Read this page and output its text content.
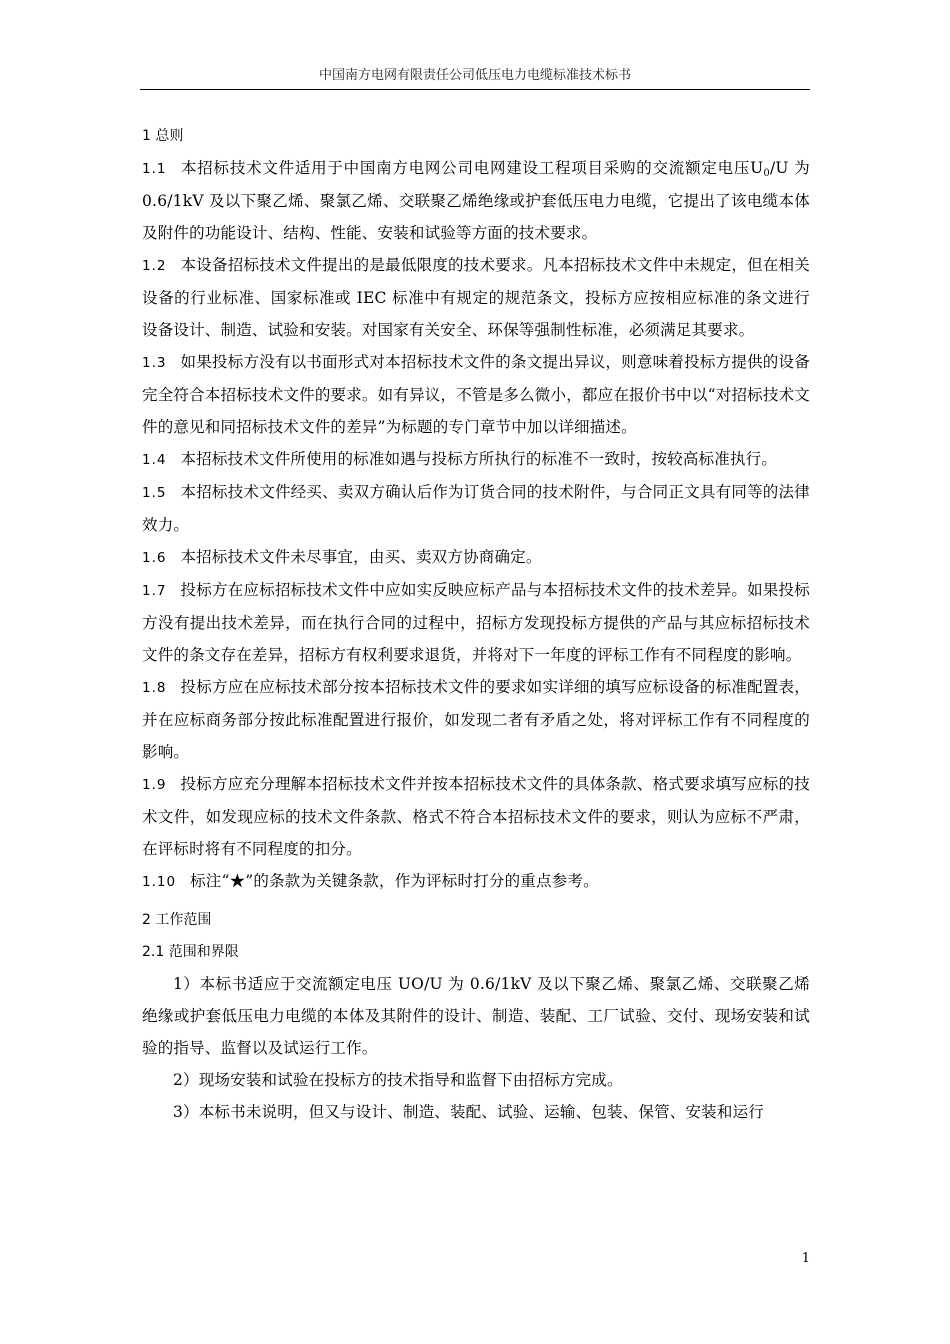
中国南方电网有限责任公司低压电力电缆标准技术标书

1 总则

1.1 本招标技术文件适用于中国南方电网公司电网建设工程项目采购的交流额定电压$U_0/U$ 为 0.6/1kV 及以下聚乙烯、聚氯乙烯、交联聚乙烯绝缘或护套低压电力电缆，它提出了该电缆本体及附件的功能设计、结构、性能、安装和试验等方面的技术要求。

1.2 本设备招标技术文件提出的是最低限度的技术要求。凡本招标技术文件中未规定，但在相关设备的行业标准、国家标准或 IEC 标准中有规定的规范条文，投标方应按相应标准的条文进行设备设计、制造、试验和安装。对国家有关安全、环保等强制性标准，必须满足其要求。

1.3 如果投标方没有以书面形式对本招标技术文件的条文提出异议，则意味着投标方提供的设备完全符合本招标技术文件的要求。如有异议，不管是多么微小，都应在报价书中以“对招标技术文件的意见和同招标技术文件的差异”为标题的专门章节中加以详细描述。

1.4 本招标技术文件所使用的标准如遇与投标方所执行的标准不一致时，按较高标准执行。

1.5 本招标技术文件经买、卖双方确认后作为订货合同的技术附件，与合同正文具有同等的法律效力。

1.6 本招标技术文件未尽事宜，由买、卖双方协商确定。

1.7 投标方在应标招标技术文件中应如实反映应标产品与本招标技术文件的技术差异。如果投标方没有提出技术差异，而在执行合同的过程中，招标方发现投标方提供的产品与其应标招标技术文件的条文存在差异，招标方有权利要求退货，并将对下一年度的评标工作有不同程度的影响。

1.8 投标方应在应标技术部分按本招标技术文件的要求如实详细的填写应标设备的标准配置表，并在应标商务部分按此标准配置进行报价，如发现二者有矛盾之处，将对评标工作有不同程度的影响。

1.9 投标方应充分理解本招标技术文件并按本招标技术文件的具体条款、格式要求填写应标的技术文件，如发现应标的技术文件条款、格式不符合本招标技术文件的要求，则认为应标不严肃，在评标时将有不同程度的扣分。

1.10 标注“★”的条款为关键条款，作为评标时打分的重点参考。

2 工作范围

2.1 范围和界限

1）本标书适应于交流额定电压 UO/U 为 0.6/1kV 及以下聚乙烯、聚氯乙烯、交联聚乙烯绝缘或护套低压电力电缆的本体及其附件的设计、制造、装配、工厂试验、交付、现场安装和试验的指导、监督以及试运行工作。

2）现场安装和试验在投标方的技术指导和监督下由招标方完成。

3）本标书未说明，但又与设计、制造、装配、试验、运输、包装、保管、安装和运行

1
